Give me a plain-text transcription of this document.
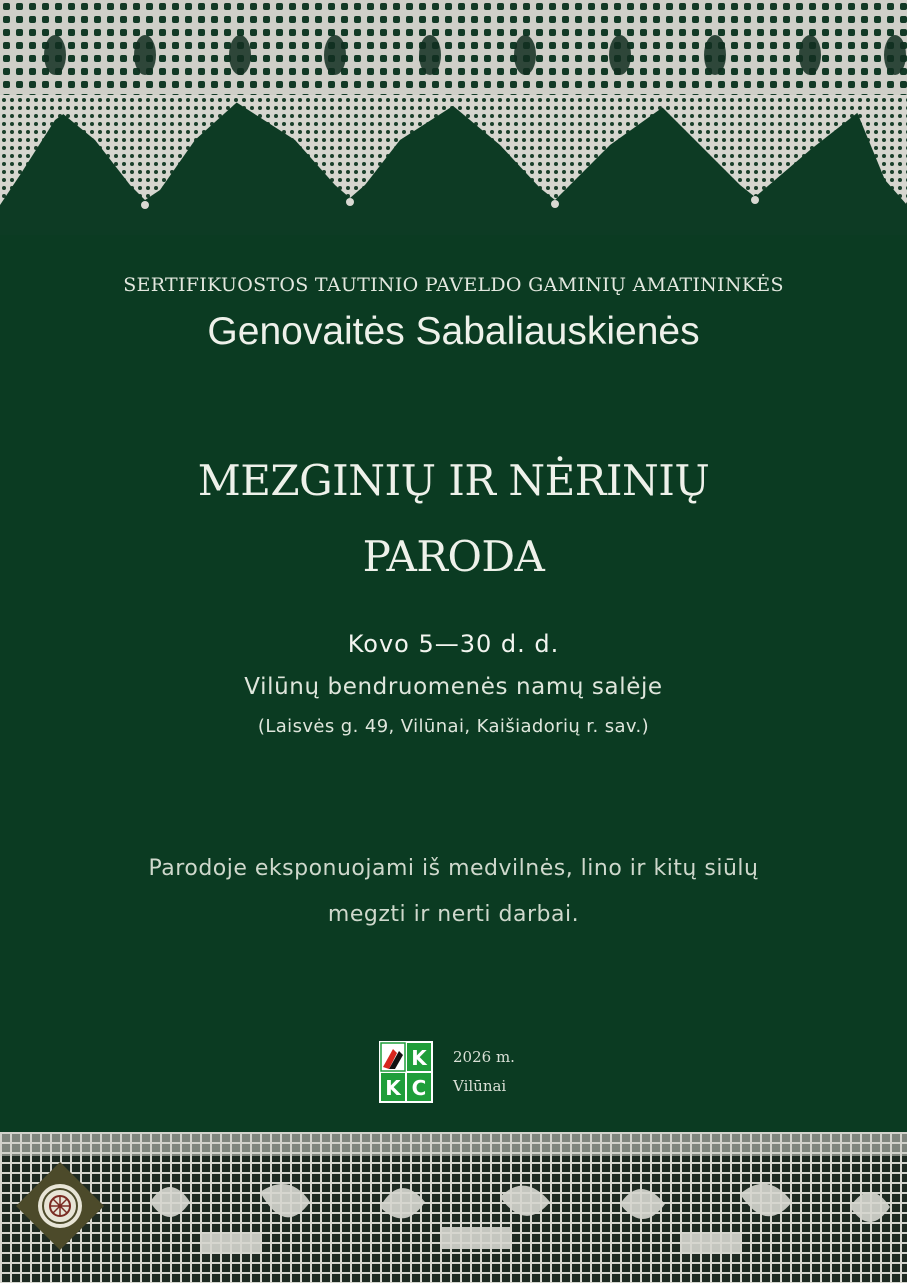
SERTIFIKUOSTOS TAUTINIO PAVELDO GAMINIŲ AMATININKĖS
Genovaitės Sabaliauskienės
MEZGINIŲ IR NĖRINIŲ
PARODA
Kovo 5—30 d. d.
Vilūnų bendruomenės namų salėje
(Laisvės g. 49, Vilūnai, Kaišiadorių r. sav.)
Parodoje eksponuojami iš medvilnės, lino ir kitų siūlų
megzti ir nerti darbai.
K
K C
2026 m.
Vilūnai
